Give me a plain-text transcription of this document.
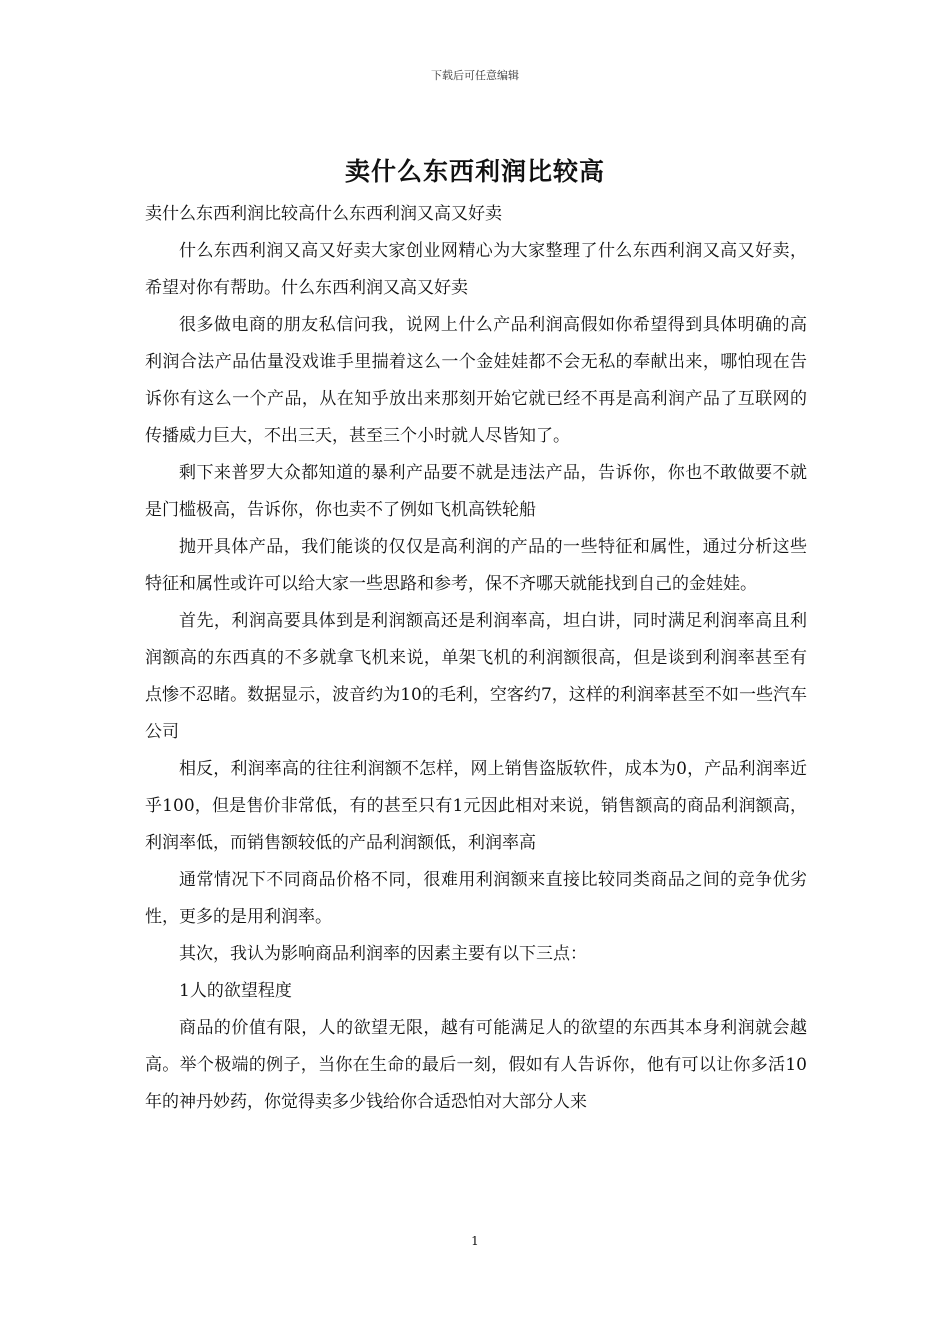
下载后可任意编辑
卖什么东西利润比较高

卖什么东西利润比较高什么东西利润又高又好卖

什么东西利润又高又好卖大家创业网精心为大家整理了什么东西利润又高又好卖，希望对你有帮助。什么东西利润又高又好卖

很多做电商的朋友私信问我，说网上什么产品利润高假如你希望得到具体明确的高利润合法产品估量没戏谁手里揣着这么一个金娃娃都不会无私的奉献出来，哪怕现在告诉你有这么一个产品，从在知乎放出来那刻开始它就已经不再是高利润产品了互联网的传播威力巨大，不出三天，甚至三个小时就人尽皆知了。

剩下来普罗大众都知道的暴利产品要不就是违法产品，告诉你，你也不敢做要不就是门槛极高，告诉你，你也卖不了例如飞机高铁轮船

抛开具体产品，我们能谈的仅仅是高利润的产品的一些特征和属性，通过分析这些特征和属性或许可以给大家一些思路和参考，保不齐哪天就能找到自己的金娃娃。

首先，利润高要具体到是利润额高还是利润率高，坦白讲，同时满足利润率高且利润额高的东西真的不多就拿飞机来说，单架飞机的利润额很高，但是谈到利润率甚至有点惨不忍睹。数据显示，波音约为10的毛利，空客约7，这样的利润率甚至不如一些汽车公司

相反，利润率高的往往利润额不怎样，网上销售盗版软件，成本为0，产品利润率近乎100，但是售价非常低，有的甚至只有1元因此相对来说，销售额高的商品利润额高，利润率低，而销售额较低的产品利润额低，利润率高

通常情况下不同商品价格不同，很难用利润额来直接比较同类商品之间的竞争优劣性，更多的是用利润率。

其次，我认为影响商品利润率的因素主要有以下三点：

1人的欲望程度

商品的价值有限，人的欲望无限，越有可能满足人的欲望的东西其本身利润就会越高。举个极端的例子，当你在生命的最后一刻，假如有人告诉你，他有可以让你多活10年的神丹妙药，你觉得卖多少钱给你合适恐怕对大部分人来

1
